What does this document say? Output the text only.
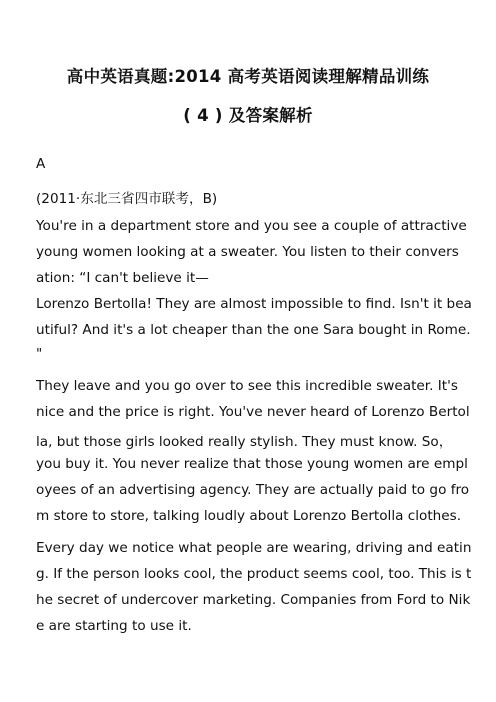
高中英语真题:2014 高考英语阅读理解精品训练
( 4 ) 及答案解析
A
(2011·东北三省四市联考，B)
You're in a department store and you see a couple of attractive
young women looking at a sweater. You listen to their convers
ation: “I can't believe it—
Lorenzo Bertolla! They are almost impossible to find. Isn't it bea
utiful? And it's a lot cheaper than the one Sara bought in Rome.
"
They leave and you go over to see this incredible sweater. It's
nice and the price is right. You've never heard of Lorenzo Bertol
la, but those girls looked really stylish. They must know. So，
you buy it. You never realize that those young women are empl
oyees of an advertising agency. They are actually paid to go fro
m store to store, talking loudly about Lorenzo Bertolla clothes.
Every day we notice what people are wearing, driving and eatin
g. If the person looks cool, the product seems cool, too. This is t
he secret of undercover marketing. Companies from Ford to Nik
e are starting to use it.
